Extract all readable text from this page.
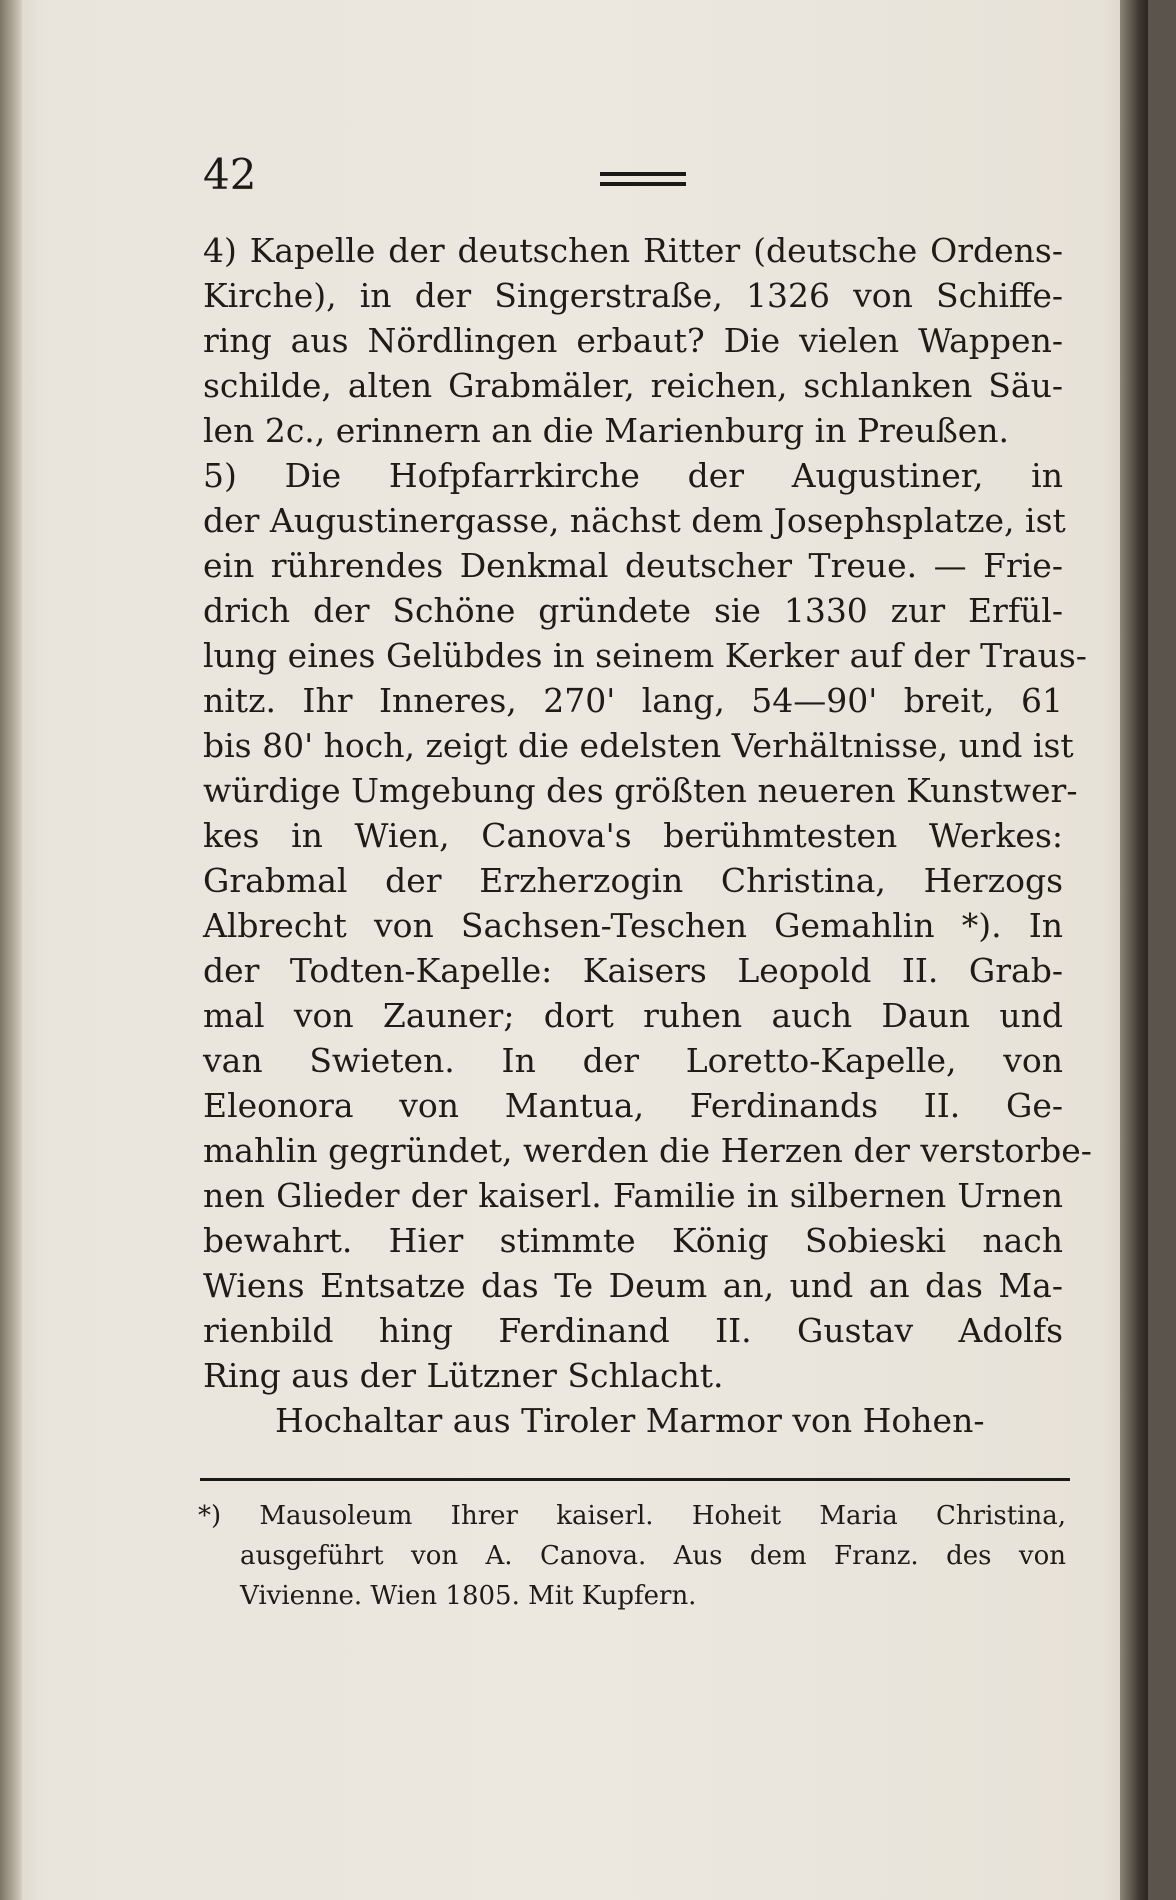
42
4) Kapelle der deutschen Ritter (deutsche Ordens-
Kirche), in der Singerstraße, 1326 von Schiffe-
ring aus Nördlingen erbaut? Die vielen Wappen-
schilde, alten Grabmäler, reichen, schlanken Säu-
len 2c., erinnern an die Marienburg in Preußen.
5) Die Hofpfarrkirche der Augustiner, in
der Augustinergasse, nächst dem Josephsplatze, ist
ein rührendes Denkmal deutscher Treue. — Frie-
drich der Schöne gründete sie 1330 zur Erfül-
lung eines Gelübdes in seinem Kerker auf der Traus-
nitz. Ihr Inneres, 270' lang, 54—90' breit, 61
bis 80' hoch, zeigt die edelsten Verhältnisse, und ist
würdige Umgebung des größten neueren Kunstwer-
kes in Wien, Canova's berühmtesten Werkes:
Grabmal der Erzherzogin Christina, Herzogs
Albrecht von Sachsen-Teschen Gemahlin *). In
der Todten-Kapelle: Kaisers Leopold II. Grab-
mal von Zauner; dort ruhen auch Daun und
van Swieten. In der Loretto-Kapelle, von
Eleonora von Mantua, Ferdinands II. Ge-
mahlin gegründet, werden die Herzen der verstorbe-
nen Glieder der kaiserl. Familie in silbernen Urnen
bewahrt. Hier stimmte König Sobieski nach
Wiens Entsatze das Te Deum an, und an das Ma-
rienbild hing Ferdinand II. Gustav Adolfs
Ring aus der Lützner Schlacht.
Hochaltar aus Tiroler Marmor von Hohen-
*) Mausoleum Ihrer kaiserl. Hoheit Maria Christina,
ausgeführt von A. Canova. Aus dem Franz. des von
Vivienne. Wien 1805. Mit Kupfern.
